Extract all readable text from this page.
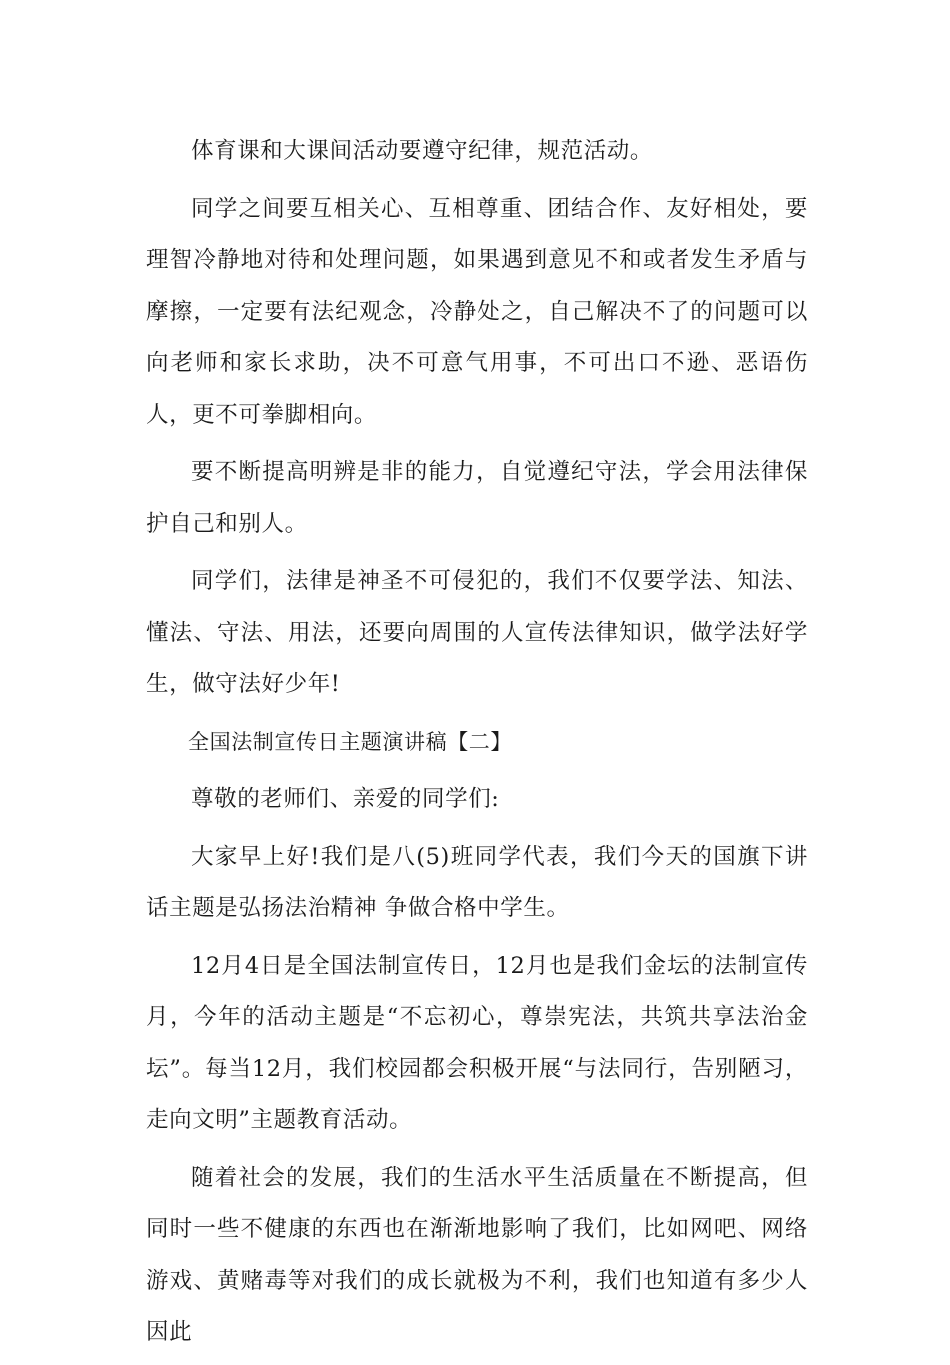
体育课和大课间活动要遵守纪律，规范活动。

同学之间要互相关心、互相尊重、团结合作、友好相处，要理智冷静地对待和处理问题，如果遇到意见不和或者发生矛盾与摩擦，一定要有法纪观念，冷静处之，自己解决不了的问题可以向老师和家长求助，决不可意气用事，不可出口不逊、恶语伤人，更不可拳脚相向。

要不断提高明辨是非的能力，自觉遵纪守法，学会用法律保护自己和别人。

同学们，法律是神圣不可侵犯的，我们不仅要学法、知法、懂法、守法、用法，还要向周围的人宣传法律知识，做学法好学生，做守法好少年!

全国法制宣传日主题演讲稿【二】

尊敬的老师们、亲爱的同学们:

大家早上好!我们是八(5)班同学代表，我们今天的国旗下讲话主题是弘扬法治精神 争做合格中学生。

12月4日是全国法制宣传日，12月也是我们金坛的法制宣传月，今年的活动主题是“不忘初心，尊崇宪法，共筑共享法治金坛”。每当12月，我们校园都会积极开展“与法同行，告别陋习，走向文明”主题教育活动。

随着社会的发展，我们的生活水平生活质量在不断提高，但同时一些不健康的东西也在渐渐地影响了我们，比如网吧、网络游戏、黄赌毒等对我们的成长就极为不利，我们也知道有多少人因此
